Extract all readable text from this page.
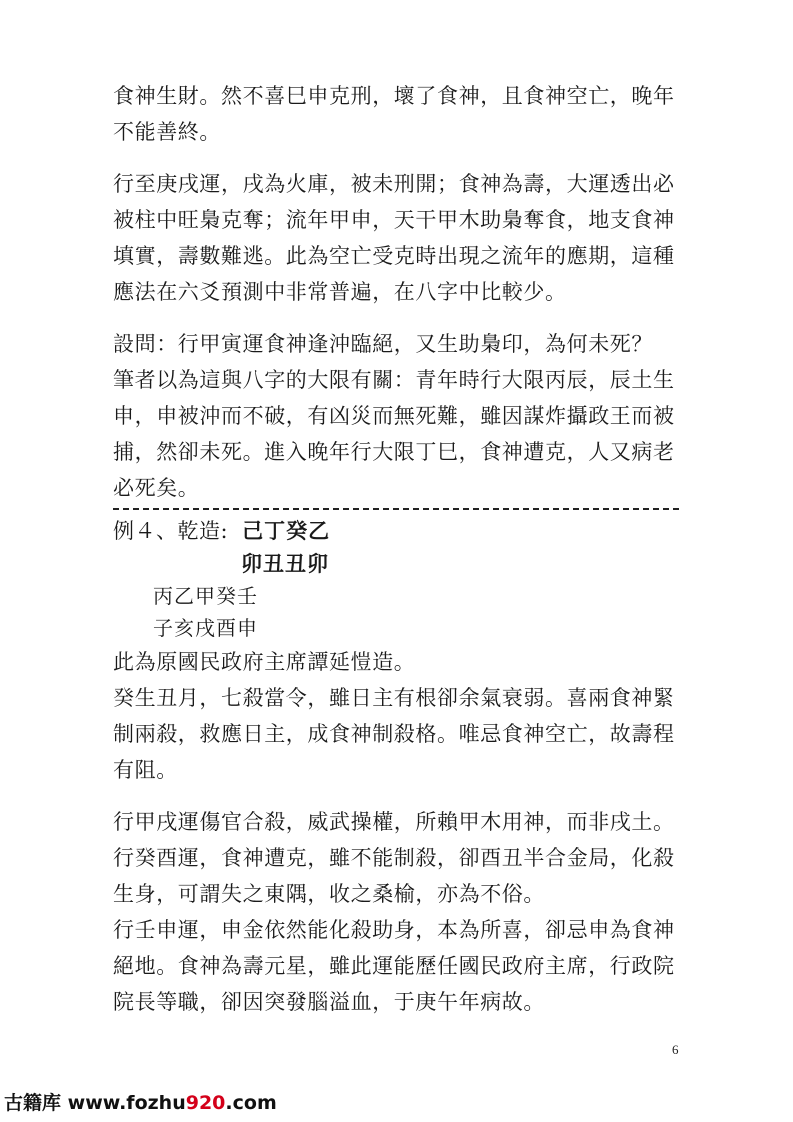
食神生財。然不喜巳申克刑，壞了食神，且食神空亡，晚年
不能善終。

行至庚戌運，戌為火庫，被未刑開；食神為壽，大運透出必
被柱中旺梟克奪；流年甲申，天干甲木助梟奪食，地支食神
填實，壽數難逃。此為空亡受克時出現之流年的應期，這種
應法在六爻預測中非常普遍，在八字中比較少。

設問：行甲寅運食神逢沖臨絕，又生助梟印，為何未死？
筆者以為這與八字的大限有關：青年時行大限丙辰，辰土生
申，申被沖而不破，有凶災而無死難，雖因謀炸攝政王而被
捕，然卻未死。進入晚年行大限丁巳，食神遭克，人又病老
必死矣。

例４、乾造: 己丁癸乙
卯丑丑卯
丙乙甲癸壬
子亥戌酉申

此為原國民政府主席譚延愷造。
癸生丑月，七殺當令，雖日主有根卻余氣衰弱。喜兩食神緊
制兩殺，救應日主，成食神制殺格。唯忌食神空亡，故壽程
有阻。

行甲戌運傷官合殺，威武操權，所賴甲木用神，而非戌土。
行癸酉運，食神遭克，雖不能制殺，卻酉丑半合金局，化殺
生身，可謂失之東隅，收之桑榆，亦為不俗。
行壬申運，申金依然能化殺助身，本為所喜，卻忌申為食神
絕地。食神為壽元星，雖此運能歷任國民政府主席，行政院
院長等職，卻因突發腦溢血，于庚午年病故。

6
古籍库 www.fozhu920.com
